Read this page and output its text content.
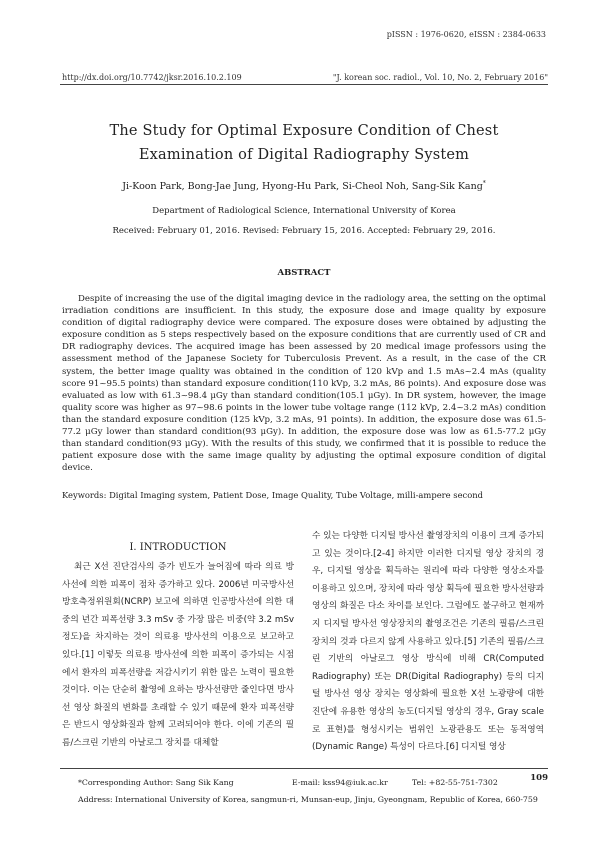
pISSN : 1976-0620, eISSN : 2384-0633
http://dx.doi.org/10.7742/jksr.2016.10.2.109	"J. korean soc. radiol., Vol. 10, No. 2, February 2016"
The Study for Optimal Exposure Condition of Chest Examination of Digital Radiography System
Ji-Koon Park, Bong-Jae Jung, Hyong-Hu Park, Si-Cheol Noh, Sang-Sik Kang*
Department of Radiological Science, International University of Korea
Received: February 01, 2016. Revised: February 15, 2016. Accepted: February 29, 2016.
ABSTRACT

Despite of increasing the use of the digital imaging device in the radiology area, the setting on the optimal irradiation conditions are insufficient. In this study, the exposure dose and image quality by exposure condition of digital radiography device were compared. The exposure doses were obtained by adjusting the exposure condition as 5 steps respectively based on the exposure conditions that are currently used of CR and DR radiography devices. The acquired image has been assessed by 20 medical image professors using the assessment method of the Japanese Society for Tuberculosis Prevent. As a result, in the case of the CR system, the better image quality was obtained in the condition of 120 kVp and 1.5 mAs~2.4 mAs (quality score 91~95.5 points) than standard exposure condition(110 kVp, 3.2 mAs, 86 points). And exposure dose was evaluated as low with 61.3~98.4 μGy than standard condition(105.1 μGy). In DR system, however, the image quality score was higher as 97~98.6 points in the lower tube voltage range (112 kVp, 2.4~3.2 mAs) condition than the standard exposure condition (125 kVp, 3.2 mAs, 91 points). In addition, the exposure dose was 61.5-77.2 μGy lower than standard condition(93 μGy). In addition, the exposure dose was low as 61.5-77.2 μGy than standard condition(93 μGy). With the results of this study, we confirmed that it is possible to reduce the patient exposure dose with the same image quality by adjusting the optimal exposure condition of digital device.

Keywords: Digital Imaging system, Patient Dose, Image Quality, Tube Voltage, milli-ampere second
Ⅰ. INTRODUCTION

최근 X선 진단검사의 증가 빈도가 늘어짐에 따라 의료 방사선에 의한 피폭이 점차 증가하고 있다. 2006년 미국방사선방호측정위원회(NCRP) 보고에 의하면 인공방사선에 의한 대중의 년간 피폭선량 3.3 mSv 중 가장 많은 비중(약 3.2 mSv 정도)을 차지하는 것이 의료용 방사선의 이용으로 보고하고 있다.[1] 이렇듯 의료용 방사선에 의한 피폭이 증가되는 시점에서 환자의 피폭선량을 저감시키기 위한 많은 노력이 필요한 것이다. 이는 단순히 촬영에 요하는 방사선량만 줄인다면 방사선 영상 화질의 변화를 초래할 수 있기 때문에 환자 피폭선량은 반드시 영상화질과 함께 고려되어야 한다. 이에 기존의 필름/스크린 기반의 아날로그 장치를 대체할

수 있는 다양한 디지털 방사선 촬영장치의 이용이 크게 증가되고 있는 것이다.[2-4] 하지만 이러한 디지털 영상 장치의 경우, 디지털 영상을 획득하는 원리에 따라 다양한 영상소자를 이용하고 있으며, 장치에 따라 영상 획득에 필요한 방사선량과 영상의 화질은 다소 차이를 보인다. 그럼에도 불구하고 현재까지 디지털 방사선 영상장치의 촬영조건은 기존의 필름/스크린 장치의 것과 다르지 않게 사용하고 있다.[5] 기존의 필름/스크린 기반의 아날로그 영상 방식에 비해 CR(Computed Radiography) 또는 DR(Digital Radiography) 등의 디지털 방사선 영상 장치는 영상화에 필요한 X선 노광량에 대한 진단에 유용한 영상의 농도(디지털 영상의 경우, Gray scale로 표현)를 형성시키는 범위인 노광관용도 또는 동적영역(Dynamic Range) 특성이 다르다.[6] 디지털 영상

109
*Corresponding Author: Sang Sik Kang	E-mail: kss94@iuk.ac.kr	Tel: +82-55-751-7302
Address: International University of Korea, sangmun-ri, Munsan-eup, Jinju, Gyeongnam, Republic of Korea, 660-759
